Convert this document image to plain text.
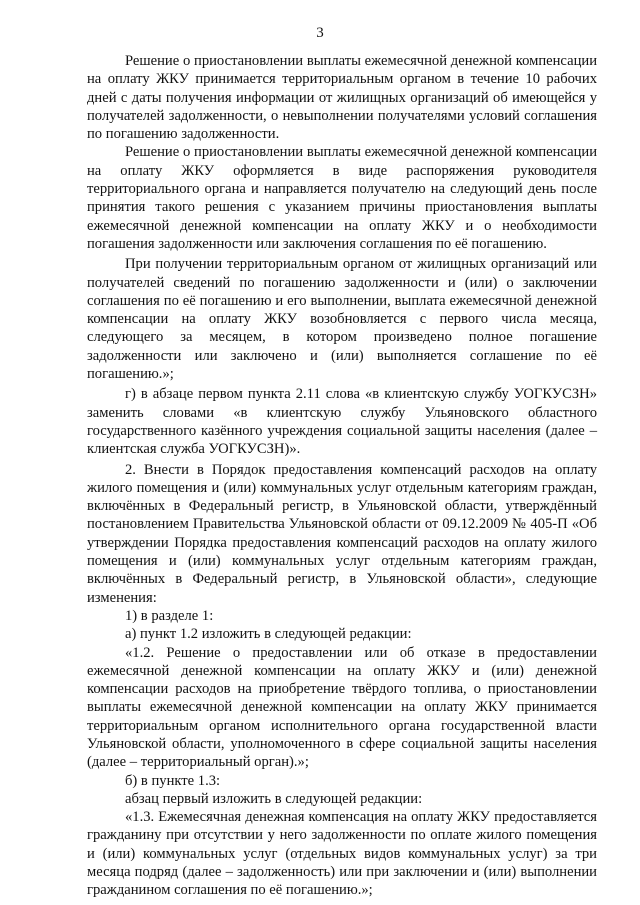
3

Решение о приостановлении выплаты ежемесячной денежной компенсации на оплату ЖКУ принимается территориальным органом в течение 10 рабочих дней с даты получения информации от жилищных организаций об имеющейся у получателей задолженности, о невыполнении получателями условий соглашения по погашению задолженности.

Решение о приостановлении выплаты ежемесячной денежной компенсации на оплату ЖКУ оформляется в виде распоряжения руководителя территориального органа и направляется получателю на следующий день после принятия такого решения с указанием причины приостановления выплаты ежемесячной денежной компенсации на оплату ЖКУ и о необходимости погашения задолженности или заключения соглашения по её погашению.

При получении территориальным органом от жилищных организаций или получателей сведений по погашению задолженности и (или) о заключении соглашения по её погашению и его выполнении, выплата ежемесячной денежной компенсации на оплату ЖКУ возобновляется с первого числа месяца, следующего за месяцем, в котором произведено полное погашение задолженности или заключено и (или) выполняется соглашение по её погашению.»;

г) в абзаце первом пункта 2.11 слова «в клиентскую службу УОГКУСЗН» заменить словами «в клиентскую службу Ульяновского областного государственного казённого учреждения социальной защиты населения (далее – клиентская служба УОГКУСЗН)».

2. Внести в Порядок предоставления компенсаций расходов на оплату жилого помещения и (или) коммунальных услуг отдельным категориям граждан, включённых в Федеральный регистр, в Ульяновской области, утверждённый постановлением Правительства Ульяновской области от 09.12.2009 № 405-П «Об утверждении Порядка предоставления компенсаций расходов на оплату жилого помещения и (или) коммунальных услуг отдельным категориям граждан, включённых в Федеральный регистр, в Ульяновской области», следующие изменения:

1) в разделе 1:

а) пункт 1.2 изложить в следующей редакции:

«1.2. Решение о предоставлении или об отказе в предоставлении ежемесячной денежной компенсации на оплату ЖКУ и (или) денежной компенсации расходов на приобретение твёрдого топлива, о приостановлении выплаты ежемесячной денежной компенсации на оплату ЖКУ принимается территориальным органом исполнительного органа государственной власти Ульяновской области, уполномоченного в сфере социальной защиты населения (далее – территориальный орган).»;

б) в пункте 1.3:

абзац первый изложить в следующей редакции:

«1.3. Ежемесячная денежная компенсация на оплату ЖКУ предоставляется гражданину при отсутствии у него задолженности по оплате жилого помещения и (или) коммунальных услуг (отдельных видов коммунальных услуг) за три месяца подряд (далее – задолженность) или при заключении и (или) выполнении гражданином соглашения по её погашению.»;
